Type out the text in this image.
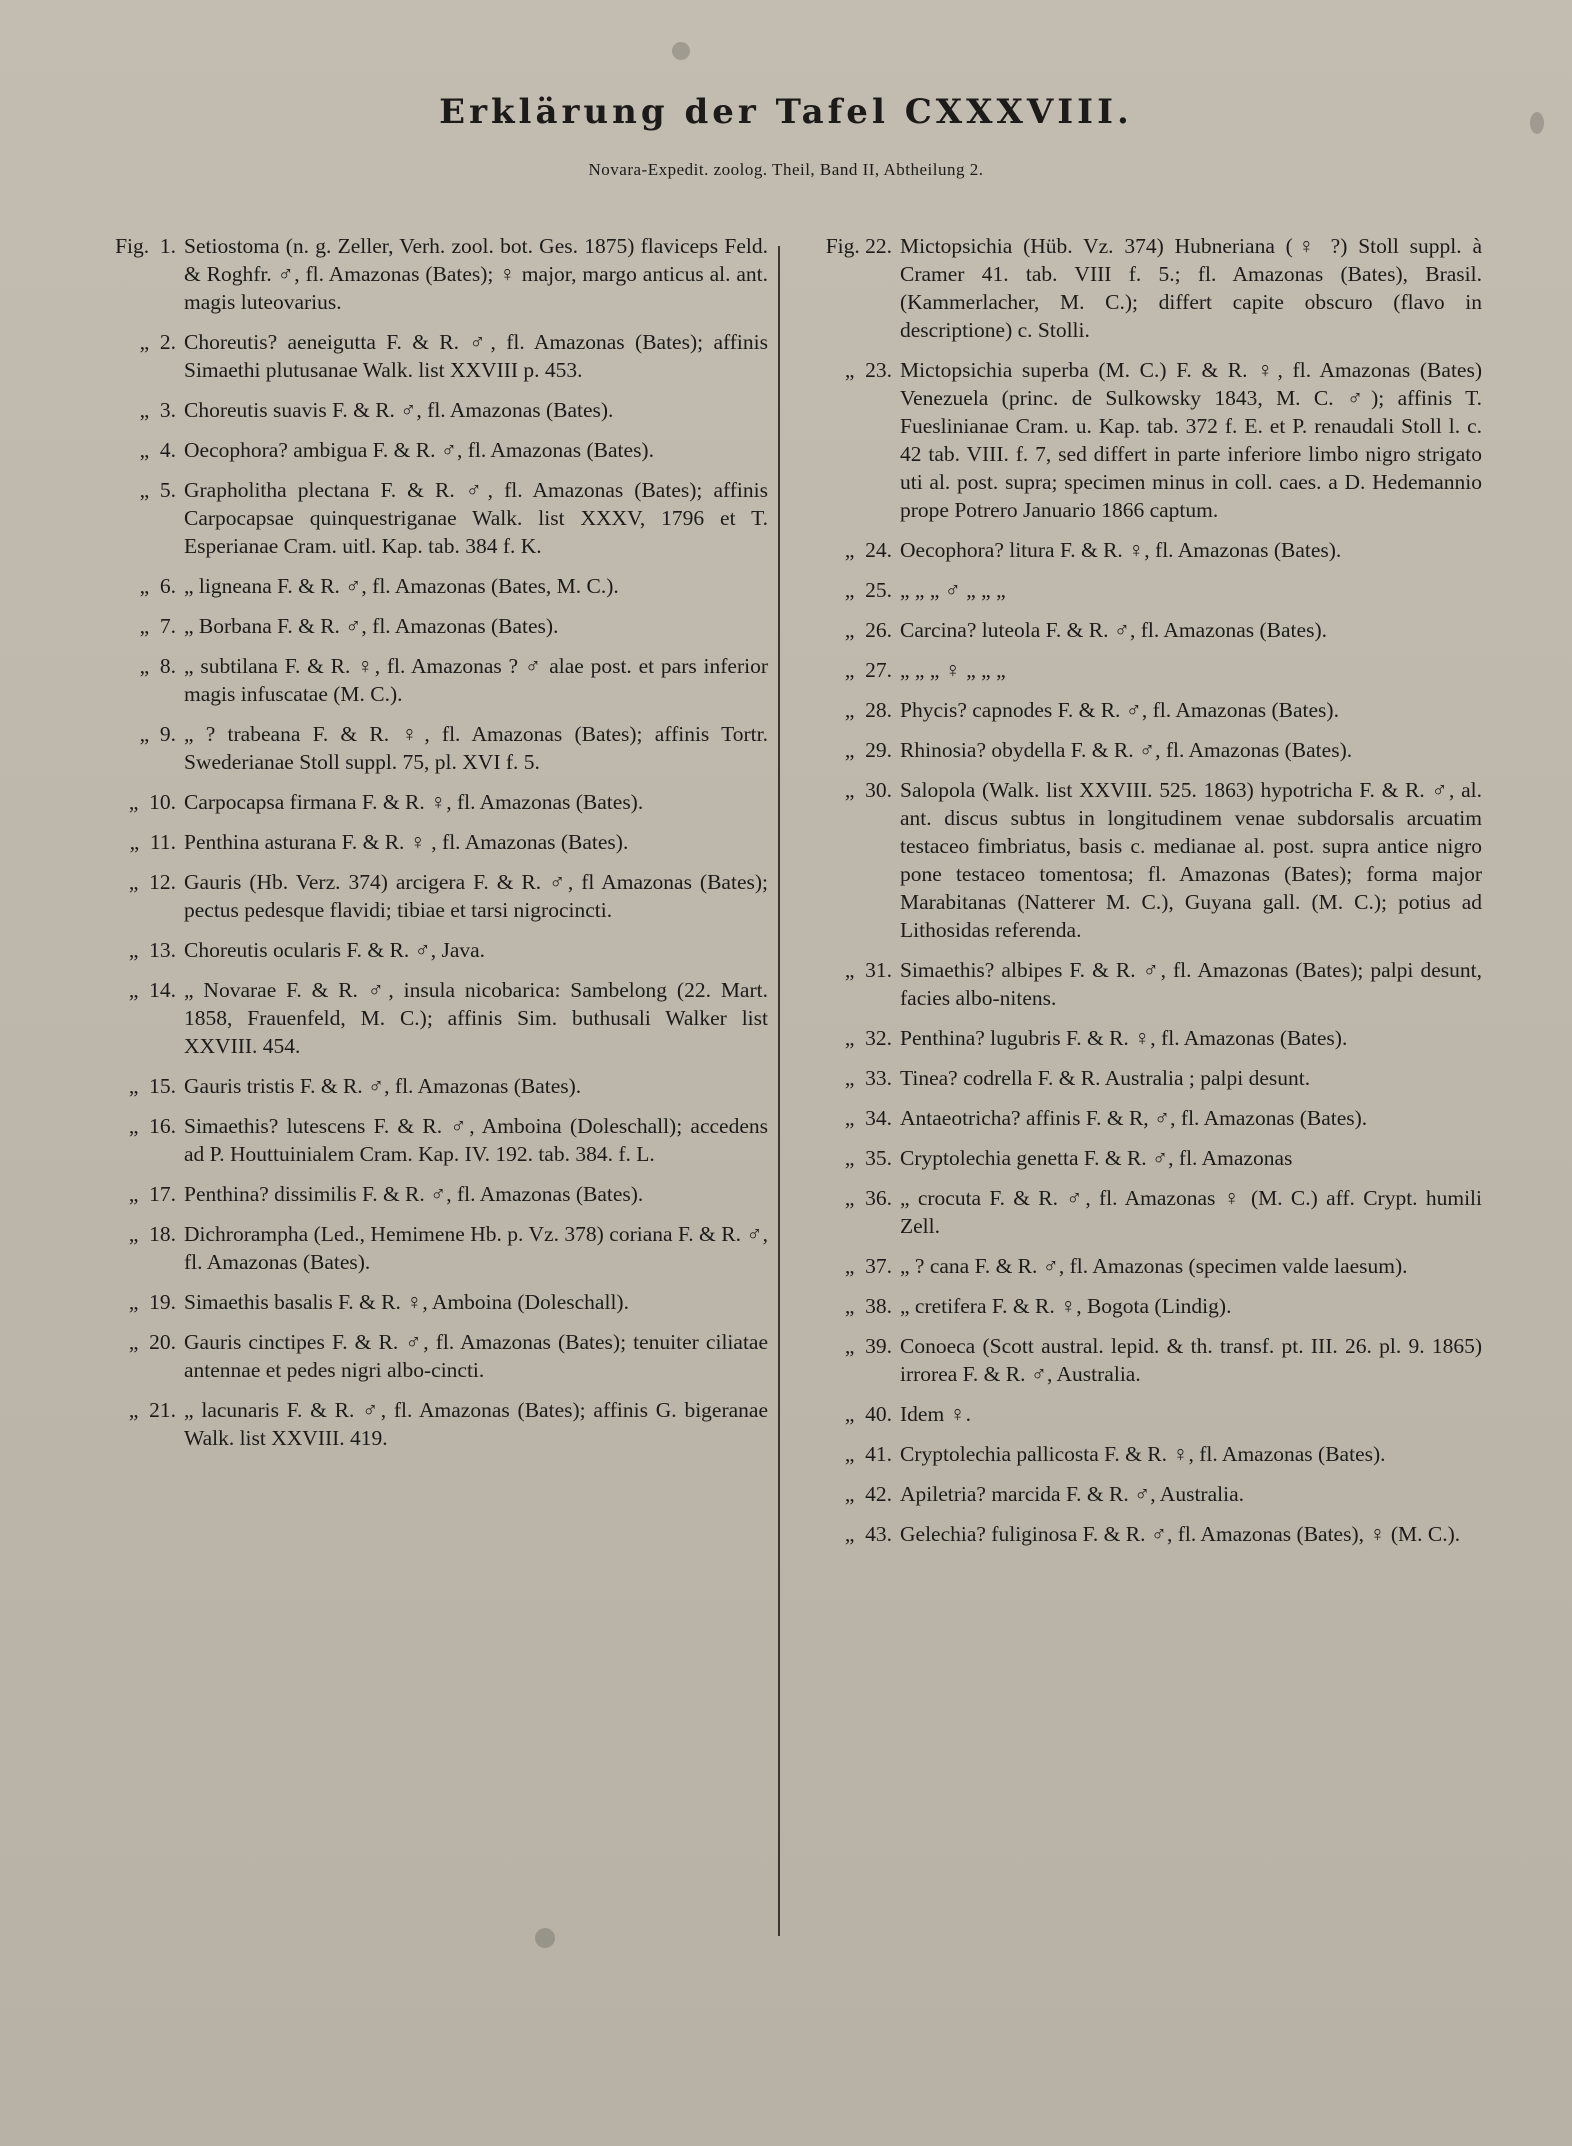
Erklärung der Tafel CXXXVIII.
Novara-Expedit. zoolog. Theil, Band II, Abtheilung 2.
Fig.  1. Setiostoma (n. g. Zeller, Verh. zool. bot. Ges. 1875) flaviceps Feld. & Roghfr. ♂, fl. Amazonas (Bates); ♀ major, margo anticus al. ant. magis luteovarius.
„  2. Choreutis? aeneigutta F. & R. ♂, fl. Amazonas (Bates); affinis Simaethi plutusanae Walk. list XXVIII p. 453.
„  3. Choreutis suavis F. & R. ♂, fl. Amazonas (Bates).
„  4. Oecophora? ambigua F. & R. ♂, fl. Amazonas (Bates).
„  5. Grapholitha plectana F. & R. ♂, fl. Amazonas (Bates); affinis Carpocapsae quinquestriganae Walk. list XXXV, 1796 et T. Esperianae Cram. uitl. Kap. tab. 384 f. K.
„  6. „ ligneana F. & R. ♂, fl. Amazonas (Bates, M. C.).
„  7. „ Borbana F. & R. ♂, fl. Amazonas (Bates).
„  8. „ subtilana F. & R. ♀, fl. Amazonas ? ♂ alae post. et pars inferior magis infuscatae (M. C.).
„  9. „ ? trabeana F. & R. ♀, fl. Amazonas (Bates); affinis Tortr. Swederianae Stoll suppl. 75, pl. XVI f. 5.
„  10. Carpocapsa firmana F. & R. ♀, fl. Amazonas (Bates).
„  11. Penthina asturana F. & R. ♀ , fl. Amazonas (Bates).
„  12. Gauris (Hb. Verz. 374) arcigera F. & R. ♂, fl Amazonas (Bates); pectus pedesque flavidi; tibiae et tarsi nigrocincti.
„  13. Choreutis ocularis F. & R. ♂, Java.
„  14. „ Novarae F. & R. ♂, insula nicobarica: Sambelong (22. Mart. 1858, Frauenfeld, M. C.); affinis Sim. buthusali Walker list XXVIII. 454.
„  15. Gauris tristis F. & R. ♂, fl. Amazonas (Bates).
„  16. Simaethis? lutescens F. & R. ♂, Amboina (Doleschall); accedens ad P. Houttuinialem Cram. Kap. IV. 192. tab. 384. f. L.
„  17. Penthina? dissimilis F. & R. ♂, fl. Amazonas (Bates).
„  18. Dichrorampha (Led., Hemimene Hb. p. Vz. 378) coriana F. & R. ♂, fl. Amazonas (Bates).
„  19. Simaethis basalis F. & R. ♀, Amboina (Doleschall).
„  20. Gauris cinctipes F. & R. ♂, fl. Amazonas (Bates); tenuiter ciliatae antennae et pedes nigri albo-cincti.
„  21. „ lacunaris F. & R. ♂, fl. Amazonas (Bates); affinis G. bigeranae Walk. list XXVIII. 419.
Fig. 22. Mictopsichia (Hüb. Vz. 374) Hubneriana (♀ ?) Stoll suppl. à Cramer 41. tab. VIII f. 5.; fl. Amazonas (Bates), Brasil. (Kammerlacher, M. C.); differt capite obscuro (flavo in descriptione) c. Stolli.
„  23. Mictopsichia superba (M. C.) F. & R. ♀, fl. Amazonas (Bates) Venezuela (princ. de Sulkowsky 1843, M. C. ♂); affinis T. Fueslinianae Cram. u. Kap. tab. 372 f. E. et P. renaudali Stoll l. c. 42 tab. VIII. f. 7, sed differt in parte inferiore limbo nigro strigato uti al. post. supra; specimen minus in coll. caes. a D. Hedemannio prope Potrero Januario 1866 captum.
„  24. Oecophora? litura F. & R. ♀, fl. Amazonas (Bates).
„  25. „ „ „ ♂ „ „ „
„  26. Carcina? luteola F. & R. ♂, fl. Amazonas (Bates).
„  27. „ „ „ ♀ „ „ „
„  28. Phycis? capnodes F. & R. ♂, fl. Amazonas (Bates).
„  29. Rhinosia? obydella F. & R. ♂, fl. Amazonas (Bates).
„  30. Salopola (Walk. list XXVIII. 525. 1863) hypotricha F. & R. ♂, al. ant. discus subtus in longitudinem venae subdorsalis arcuatim testaceo fimbriatus, basis c. medianae al. post. supra antice nigro pone testaceo tomentosa; fl. Amazonas (Bates); forma major Marabitanas (Natterer M. C.), Guyana gall. (M. C.); potius ad Lithosidas referenda.
„  31. Simaethis? albipes F. & R. ♂, fl. Amazonas (Bates); palpi desunt, facies albo-nitens.
„  32. Penthina? lugubris F. & R. ♀, fl. Amazonas (Bates).
„  33. Tinea? codrella F. & R. Australia ; palpi desunt.
„  34. Antaeotricha? affinis F. & R, ♂, fl. Amazonas (Bates).
„  35. Cryptolechia genetta F. & R. ♂, fl. Amazonas
„  36. „ crocuta F. & R. ♂, fl. Amazonas ♀ (M. C.) aff. Crypt. humili Zell.
„  37. „ ? cana F. & R. ♂, fl. Amazonas (specimen valde laesum).
„  38. „ cretifera F. & R. ♀, Bogota (Lindig).
„  39. Conoeca (Scott austral. lepid. & th. transf. pt. III. 26. pl. 9. 1865) irrorea F. & R. ♂, Australia.
„  40. Idem ♀.
„  41. Cryptolechia pallicosta F. & R. ♀, fl. Amazonas (Bates).
„  42. Apiletria? marcida F. & R. ♂, Australia.
„  43. Gelechia? fuliginosa F. & R. ♂, fl. Amazonas (Bates), ♀ (M. C.).
